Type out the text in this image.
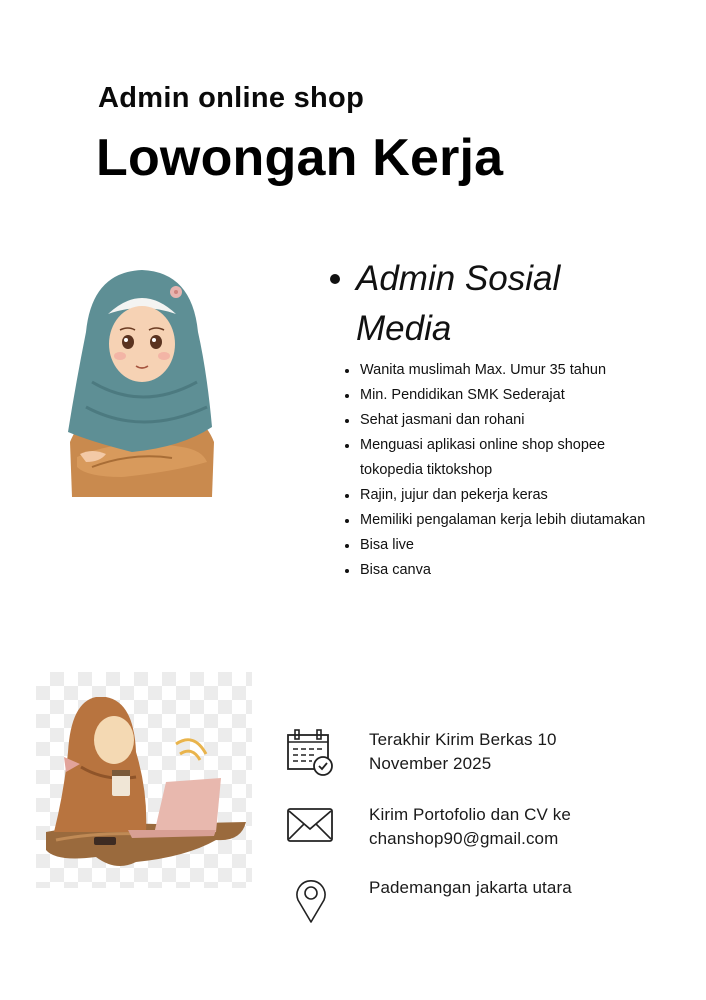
Admin online shop
Lowongan Kerja
Admin Sosial
Media
Wanita muslimah Max. Umur 35 tahun
Min. Pendidikan SMK Sederajat
Sehat jasmani dan rohani
Menguasi aplikasi online shop shopee tokopedia tiktokshop
Rajin, jujur dan pekerja keras
Memiliki pengalaman kerja lebih diutamakan
Bisa live
Bisa canva
Terakhir Kirim Berkas 10
November 2025
Kirim Portofolio dan CV ke
chanshop90@gmail.com
Pademangan jakarta utara
